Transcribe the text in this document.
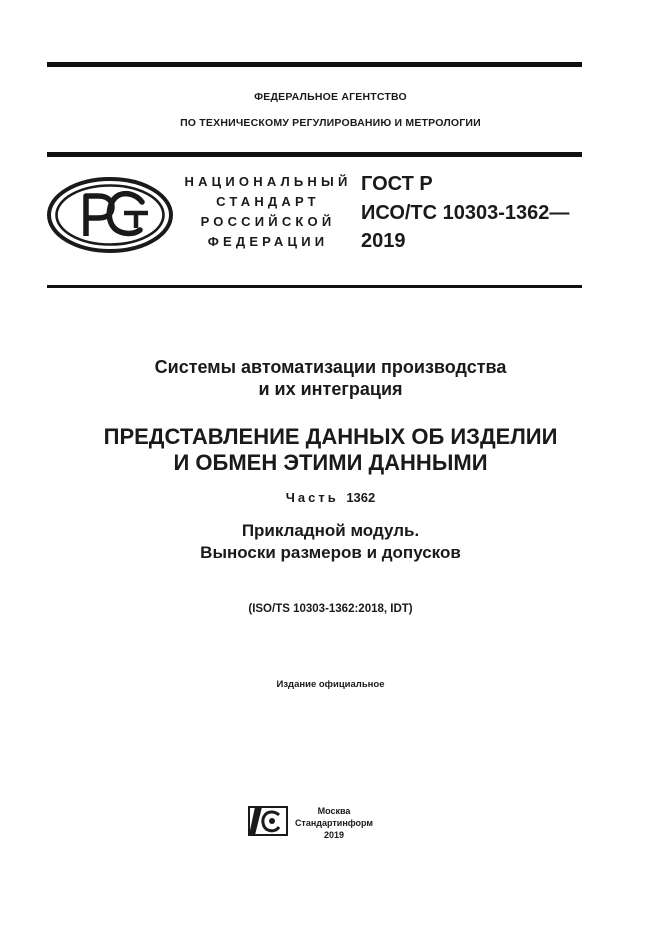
ФЕДЕРАЛЬНОЕ АГЕНТСТВО
ПО ТЕХНИЧЕСКОМУ РЕГУЛИРОВАНИЮ И МЕТРОЛОГИИ
НАЦИОНАЛЬНЫЙ
СТАНДАРТ
РОССИЙСКОЙ
ФЕДЕРАЦИИ
ГОСТ Р
ИСО/ТС 10303-1362—
2019
Системы автоматизации производства
и их интеграция
ПРЕДСТАВЛЕНИЕ ДАННЫХ ОБ ИЗДЕЛИИ
И ОБМЕН ЭТИМИ ДАННЫМИ
Часть 1362
Прикладной модуль.
Выноски размеров и допусков
(ISO/TS 10303-1362:2018, IDT)
Издание официальное
Москва
Стандартинформ
2019
